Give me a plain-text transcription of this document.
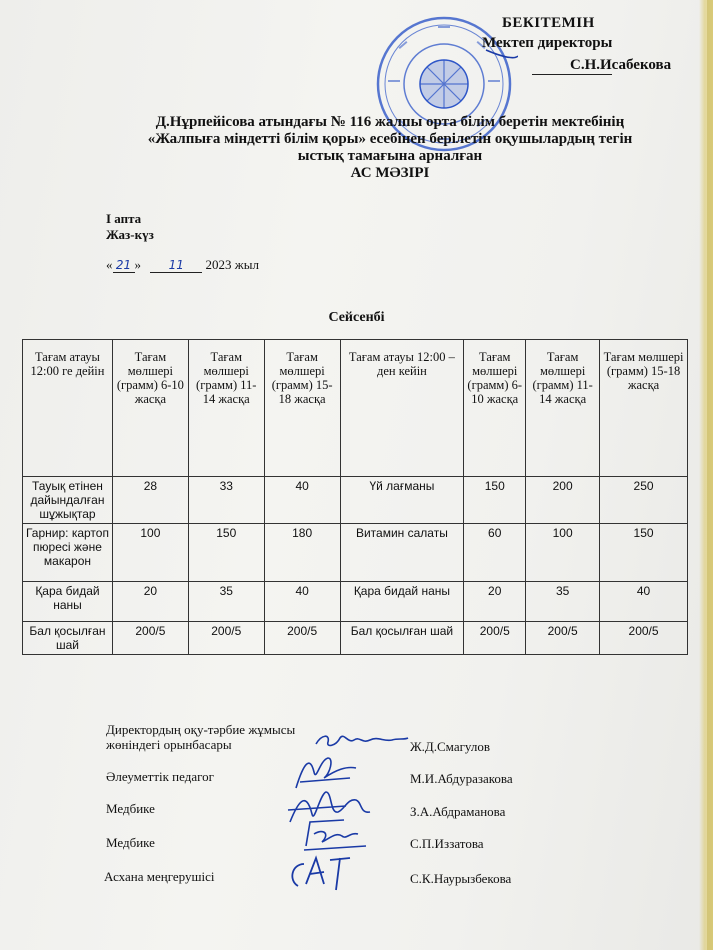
БЕКІТЕМІН
Мектеп директоры
С.Н.Исабекова
Д.Нұрпейісова атындағы № 116 жалпы орта білім беретін мектебінің
«Жалпыға міндетті білім қоры» есебінен берілетін оқушылардың тегін
ыстық тамағына арналған
АС МӘЗІРІ
I апта
Жаз-күз
« 21 » 11 2023 жыл
Сейсенбі
Тағам атауы 12:00 ге дейін	Тағам мөлшері (грамм) 6-10 жасқа	Тағам мөлшері (грамм) 11-14 жасқа	Тағам мөлшері (грамм) 15-18 жасқа	Тағам атауы 12:00 – ден кейін	Тағам мөлшері (грамм) 6-10 жасқа	Тағам мөлшері (грамм) 11-14 жасқа	Тағам мөлшері (грамм) 15-18 жасқа
Тауық етінен дайындалған шұжықтар	28	33	40	Үй лағманы	150	200	250
Гарнир: картоп пюресі және макарон	100	150	180	Витамин салаты	60	100	150
Қара бидай наны	20	35	40	Қара бидай наны	20	35	40
Бал қосылған шай	200/5	200/5	200/5	Бал қосылған шай	200/5	200/5	200/5
Директордың оқу-тәрбие жұмысы
жөніндегі орынбасары	Ж.Д.Смагулов
Әлеуметтік педагог	М.И.Абдуразакова
Медбике	З.А.Абдраманова
Медбике	С.П.Иззатова
Асхана меңгерушісі	С.К.Наурызбекова
